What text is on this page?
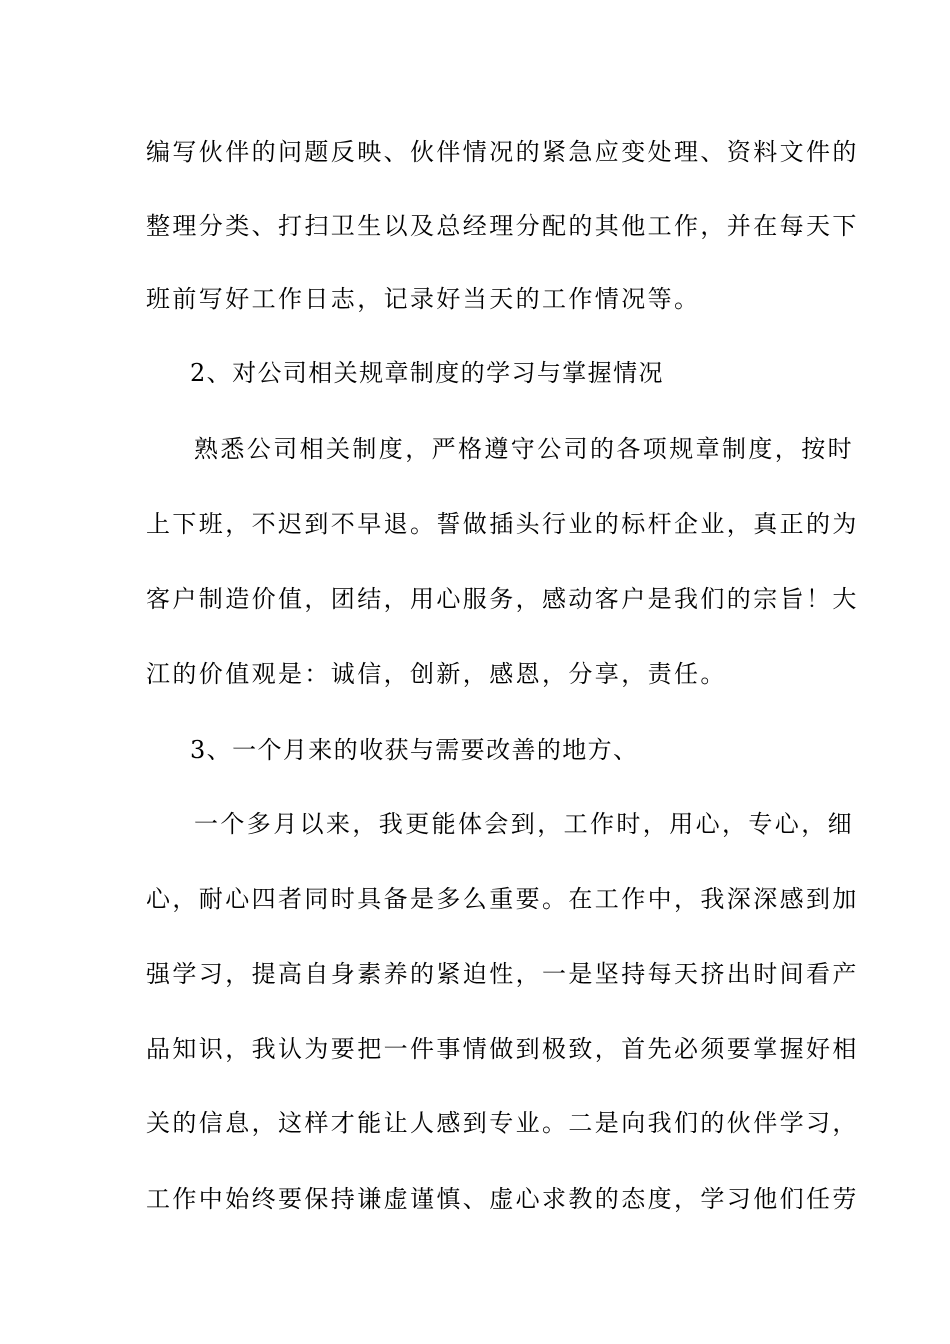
编写伙伴的问题反映、伙伴情况的紧急应变处理、资料文件的
整理分类、打扫卫生以及总经理分配的其他工作，并在每天下
班前写好工作日志，记录好当天的工作情况等。
2、对公司相关规章制度的学习与掌握情况
熟悉公司相关制度，严格遵守公司的各项规章制度，按时
上下班，不迟到不早退。誓做插头行业的标杆企业，真正的为
客户制造价值，团结，用心服务，感动客户是我们的宗旨！大
江的价值观是：诚信，创新，感恩，分享，责任。
3、一个月来的收获与需要改善的地方、
一个多月以来，我更能体会到，工作时，用心，专心，细
心，耐心四者同时具备是多么重要。在工作中，我深深感到加
强学习，提高自身素养的紧迫性，一是坚持每天挤出时间看产
品知识，我认为要把一件事情做到极致，首先必须要掌握好相
关的信息，这样才能让人感到专业。二是向我们的伙伴学习，
工作中始终要保持谦虚谨慎、虚心求教的态度，学习他们任劳
